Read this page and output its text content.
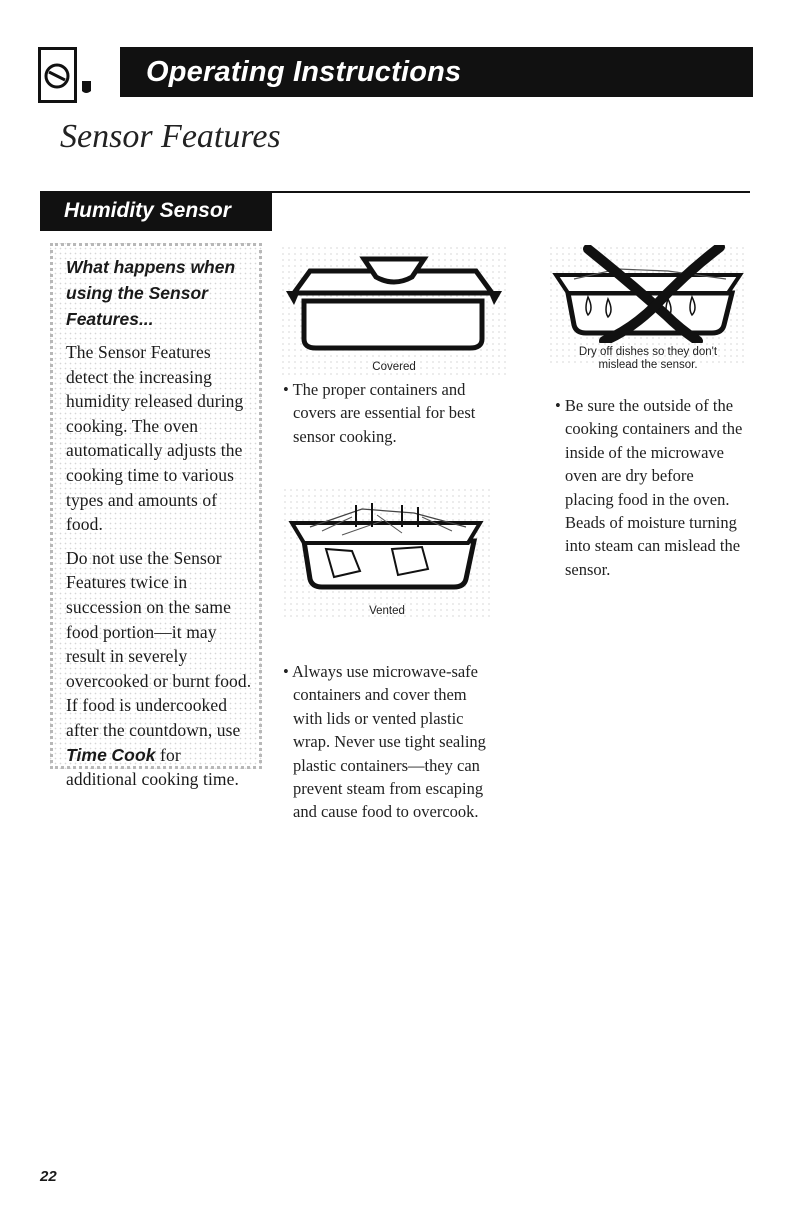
Operating Instructions
Sensor Features
Humidity Sensor
What happens when
using the Sensor
Features...

The Sensor Features detect the increasing humidity released during cooking. The oven automatically adjusts the cooking time to various types and amounts of food.

Do not use the Sensor Features twice in succession on the same food portion—it may result in severely overcooked or burnt food. If food is undercooked after the countdown, use Time Cook for additional cooking time.

Covered

• The proper containers and covers are essential for best sensor cooking.

Vented

• Always use microwave-safe containers and cover them with lids or vented plastic wrap. Never use tight sealing plastic containers—they can prevent steam from escaping and cause food to overcook.

Dry off dishes so they don't
mislead the sensor.

• Be sure the outside of the cooking containers and the inside of the microwave oven are dry before placing food in the oven. Beads of moisture turning into steam can mislead the sensor.

22
